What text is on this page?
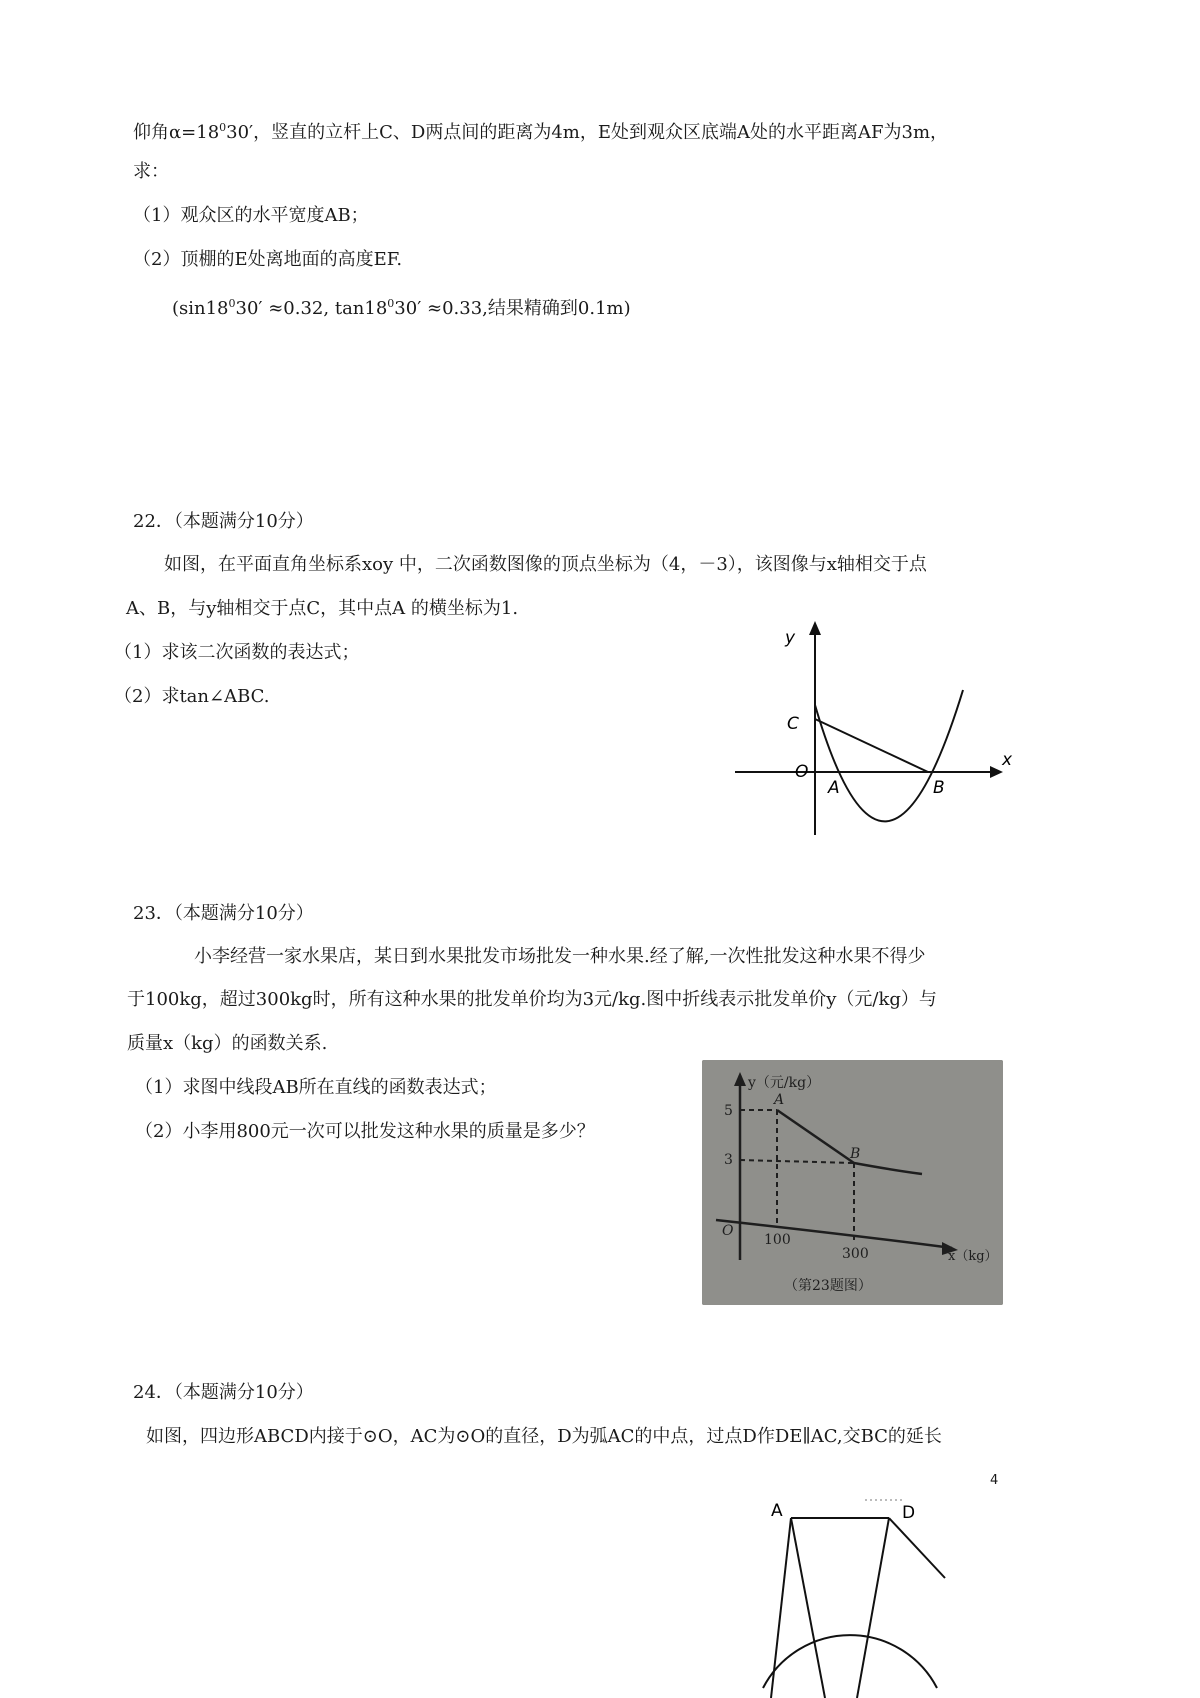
仰角$\alpha=18^030'$，竖直的立杆上C、D两点间的距离为4m，E处到观众区底端A处的水平距离AF为3m，
求：
（1）观众区的水平宽度AB；
（2）顶棚的E处离地面的高度EF.
($\sin 18^030' \approx 0.32$, $\tan 18^030' \approx 0.33$,结果精确到0.1m)
22．（本题满分10分）
如图，在平面直角坐标系xoy 中，二次函数图像的顶点坐标为（4，－3），该图像与x轴相交于点
A、B，与y轴相交于点C，其中点A 的横坐标为1.
（1）求该二次函数的表达式；
（2）求tan∠ABC.
y
x
C
O
A	B
23．（本题满分10分）
小李经营一家水果店，某日到水果批发市场批发一种水果.经了解,一次性批发这种水果不得少
于100kg，超过300kg时，所有这种水果的批发单价均为3元/kg.图中折线表示批发单价y（元/kg）与
质量x（kg）的函数关系.
（1）求图中线段AB所在直线的函数表达式；
（2）小李用800元一次可以批发这种水果的质量是多少？
y（元/kg）
5
3
O
100
300
A
B
x（kg）
（第23题图）
24．（本题满分10分）
如图，四边形ABCD内接于⊙O，AC为⊙O的直径，D为弧AC的中点，过点D作DE∥AC,交BC的延长
4
A	D
